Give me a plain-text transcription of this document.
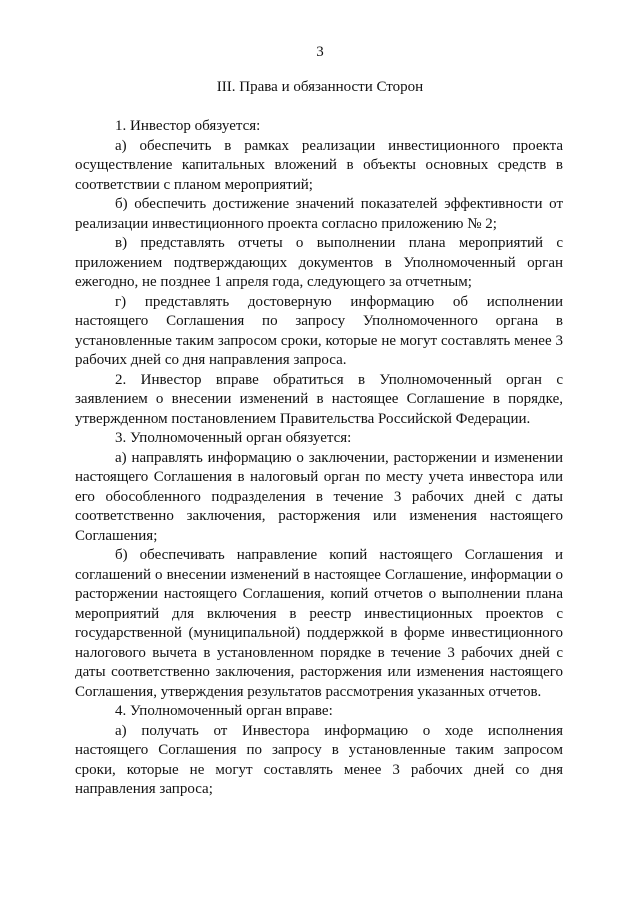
3
III. Права и обязанности Сторон

1. Инвестор обязуется:

а) обеспечить в рамках реализации инвестиционного проекта осуществление капитальных вложений в объекты основных средств в соответствии с планом мероприятий;

б) обеспечить достижение значений показателей эффективности от реализации инвестиционного проекта согласно приложению № 2;

в) представлять отчеты о выполнении плана мероприятий с приложением подтверждающих документов в Уполномоченный орган ежегодно, не позднее 1 апреля года, следующего за отчетным;

г) представлять достоверную информацию об исполнении настоящего Соглашения по запросу Уполномоченного органа в установленные таким запросом сроки, которые не могут составлять менее 3 рабочих дней со дня направления запроса.

2. Инвестор вправе обратиться в Уполномоченный орган с заявлением о внесении изменений в настоящее Соглашение в порядке, утвержденном постановлением Правительства Российской Федерации.

3. Уполномоченный орган обязуется:

а) направлять информацию о заключении, расторжении и изменении настоящего Соглашения в налоговый орган по месту учета инвестора или его обособленного подразделения в течение 3 рабочих дней с даты соответственно заключения, расторжения или изменения настоящего Соглашения;

б) обеспечивать направление копий настоящего Соглашения и соглашений о внесении изменений в настоящее Соглашение, информации о расторжении настоящего Соглашения, копий отчетов о выполнении плана мероприятий для включения в реестр инвестиционных проектов с государственной (муниципальной) поддержкой в форме инвестиционного налогового вычета в установленном порядке в течение 3 рабочих дней с даты соответственно заключения, расторжения или изменения настоящего Соглашения, утверждения результатов рассмотрения указанных отчетов.

4. Уполномоченный орган вправе:

а) получать от Инвестора информацию о ходе исполнения настоящего Соглашения по запросу в установленные таким запросом сроки, которые не могут составлять менее 3 рабочих дней со дня направления запроса;
